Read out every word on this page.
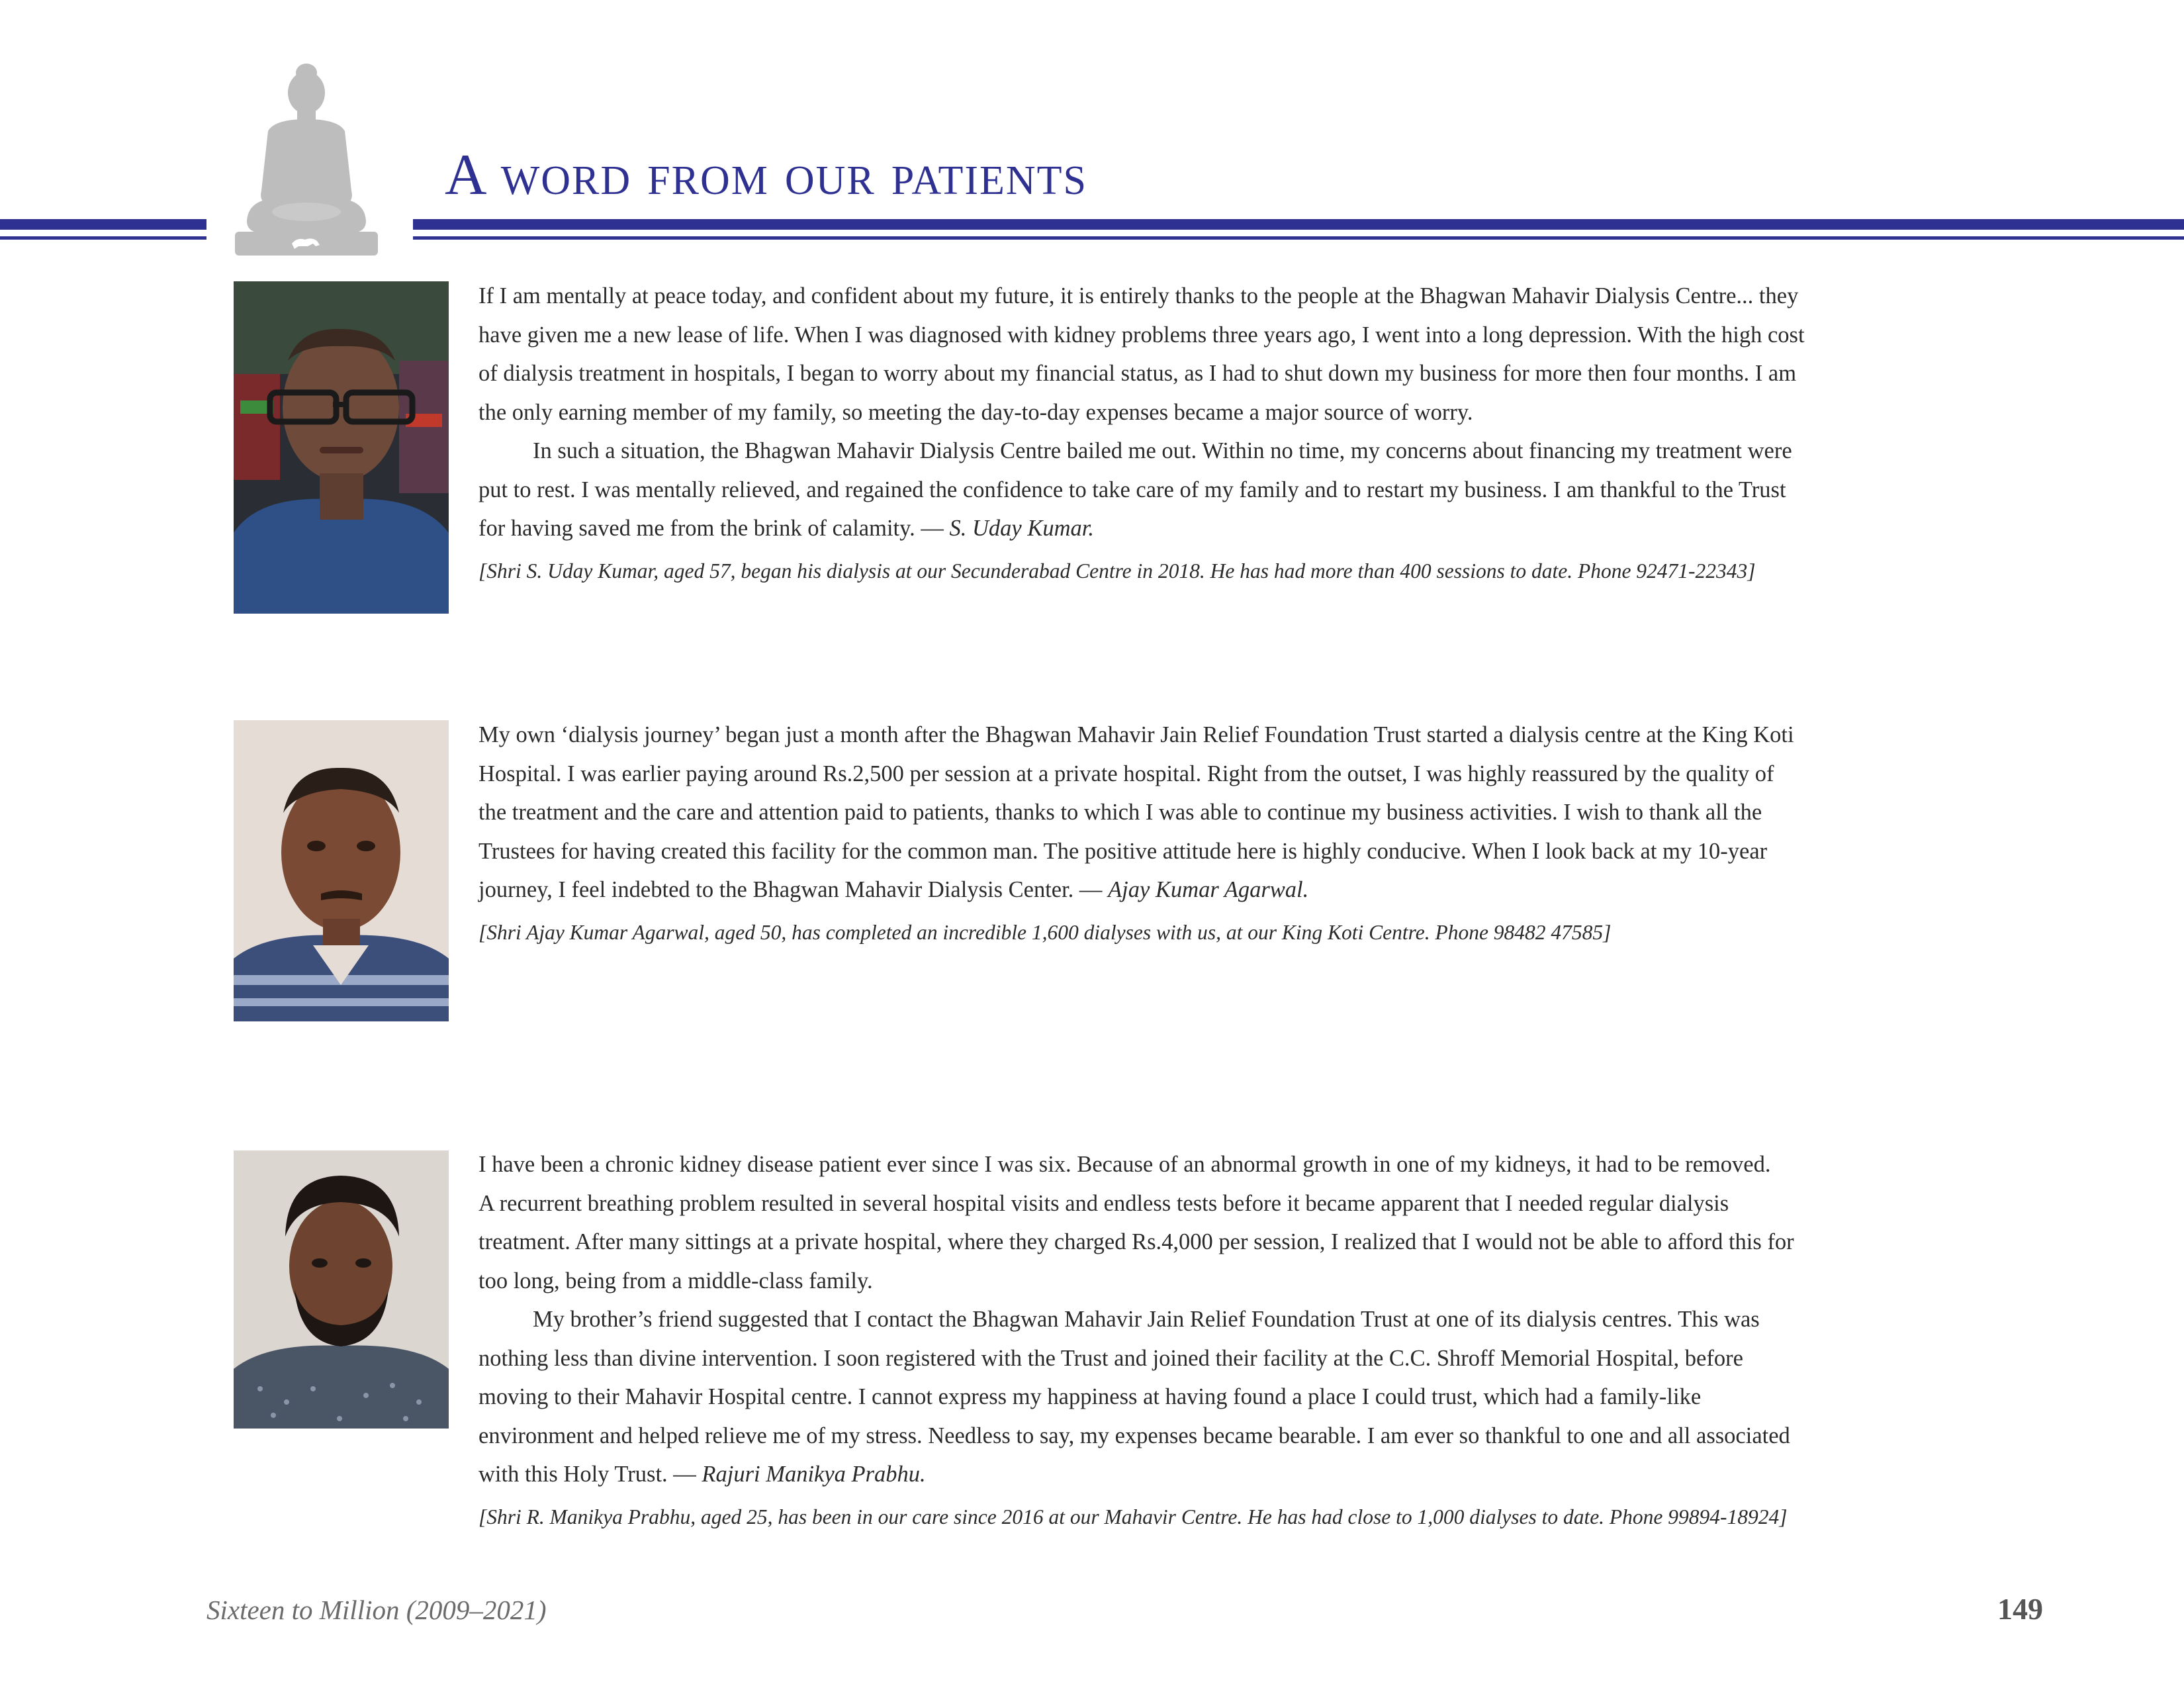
A word from our patients

If I am mentally at peace today, and confident about my future, it is entirely thanks to the people at the Bhagwan Mahavir Dialysis Centre... they

have given me a new lease of life. When I was diagnosed with kidney problems three years ago, I went into a long depression. With the high cost

of dialysis treatment in hospitals, I began to worry about my financial status, as I had to shut down my business for more then four months. I am

the only earning member of my family, so meeting the day-to-day expenses became a major source of worry.

In such a situation, the Bhagwan Mahavir Dialysis Centre bailed me out. Within no time, my concerns about financing my treatment were

put to rest. I was mentally relieved, and regained the confidence to take care of my family and to restart my business. I am thankful to the Trust

for having saved me from the brink of calamity. — S. Uday Kumar.

[Shri S. Uday Kumar, aged 57, began his dialysis at our Secunderabad Centre in 2018. He has had more than 400 sessions to date. Phone 92471-22343]

My own ‘dialysis journey’ began just a month after the Bhagwan Mahavir Jain Relief Foundation Trust started a dialysis centre at the King Koti

Hospital. I was earlier paying around Rs.2,500 per session at a private hospital. Right from the outset, I was highly reassured by the quality of

the treatment and the care and attention paid to patients, thanks to which I was able to continue my business activities. I wish to thank all the

Trustees for having created this facility for the common man. The positive attitude here is highly conducive. When I look back at my 10-year

journey, I feel indebted to the Bhagwan Mahavir Dialysis Center. — Ajay Kumar Agarwal.

[Shri Ajay Kumar Agarwal, aged 50, has completed an incredible 1,600 dialyses with us, at our King Koti Centre. Phone 98482 47585]

I have been a chronic kidney disease patient ever since I was six. Because of an abnormal growth in one of my kidneys, it had to be removed.

A recurrent breathing problem resulted in several hospital visits and endless tests before it became apparent that I needed regular dialysis

treatment. After many sittings at a private hospital, where they charged Rs.4,000 per session, I realized that I would not be able to afford this for

too long, being from a middle-class family.

My brother’s friend suggested that I contact the Bhagwan Mahavir Jain Relief Foundation Trust at one of its dialysis centres. This was

nothing less than divine intervention. I soon registered with the Trust and joined their facility at the C.C. Shroff Memorial Hospital, before

moving to their Mahavir Hospital centre. I cannot express my happiness at having found a place I could trust, which had a family-like

environment and helped relieve me of my stress. Needless to say, my expenses became bearable. I am ever so thankful to one and all associated

with this Holy Trust. — Rajuri Manikya Prabhu.

[Shri R. Manikya Prabhu, aged 25, has been in our care since 2016 at our Mahavir Centre. He has had close to 1,000 dialyses to date. Phone 99894-18924]

Sixteen to Million (2009–2021)	149
